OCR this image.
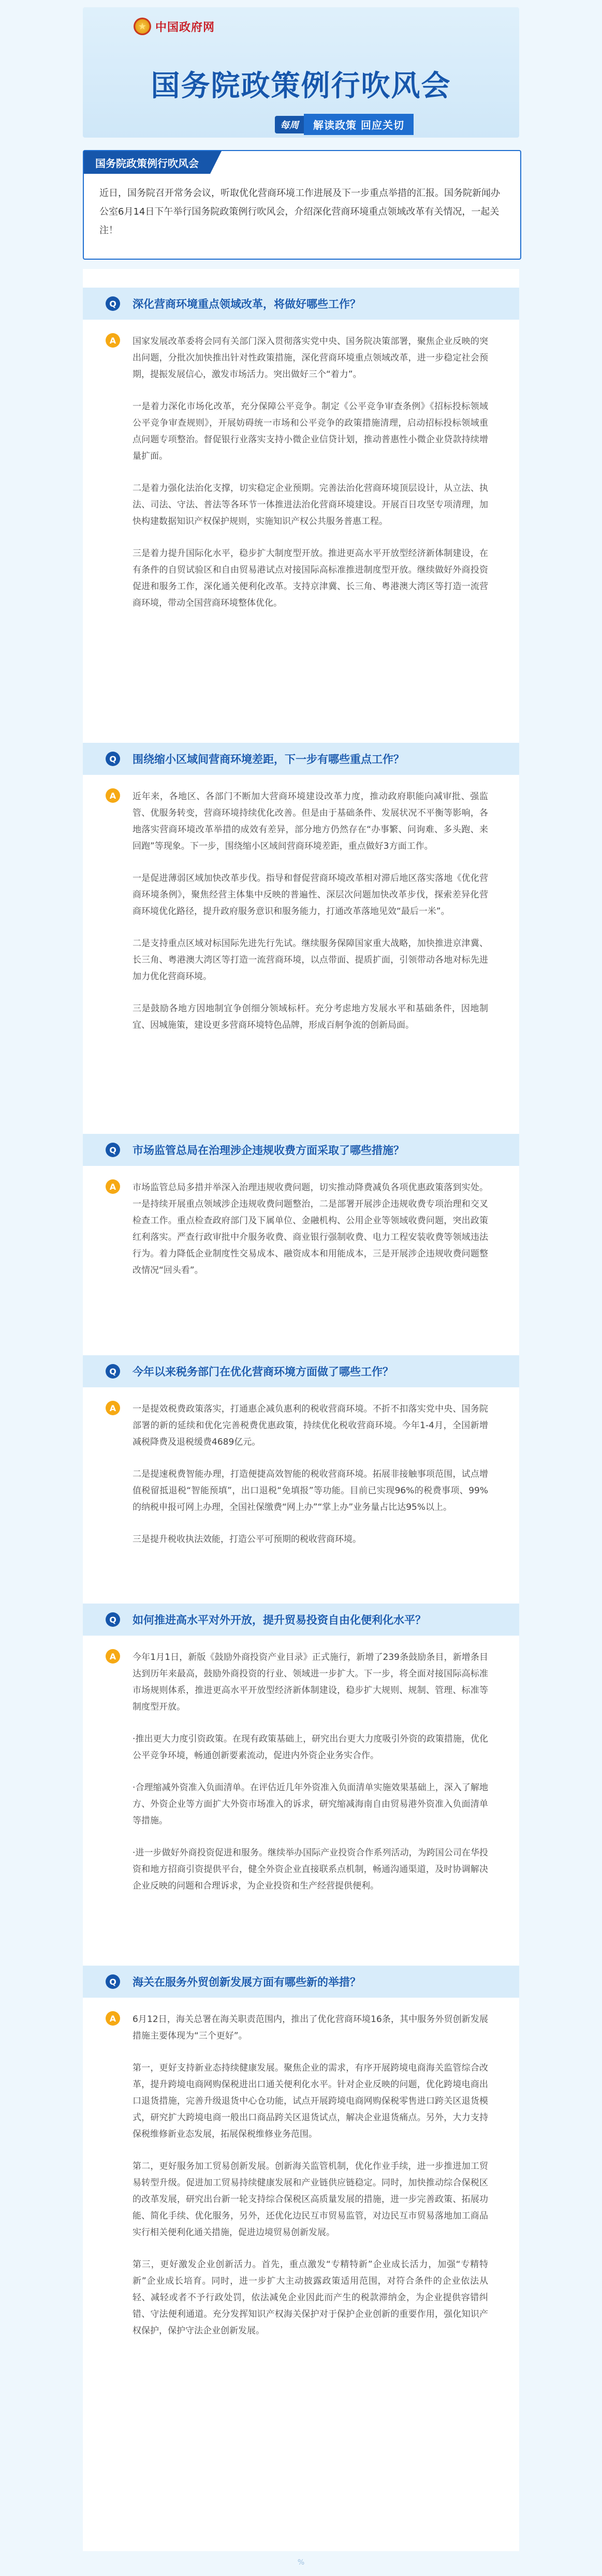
★ 中国政府网
国务院政策例行吹风会
每周	解读政策 回应关切
国务院政策例行吹风会
近日，国务院召开常务会议，听取优化营商环境工作进展及下一步重点举措的汇报。国务院新闻办公室6月14日下午举行国务院政策例行吹风会，介绍深化营商环境重点领域改革有关情况，一起关注！
Q	深化营商环境重点领域改革，将做好哪些工作？
A	国家发展改革委将会同有关部门深入贯彻落实党中央、国务院决策部署，聚焦企业反映的突出问题，分批次加快推出针对性政策措施，深化营商环境重点领域改革，进一步稳定社会预期，提振发展信心，激发市场活力。突出做好三个“着力”。

一是着力深化市场化改革，充分保障公平竞争。制定《公平竞争审查条例》《招标投标领域公平竞争审查规则》，开展妨碍统一市场和公平竞争的政策措施清理，启动招标投标领域重点问题专项整治。督促银行业落实支持小微企业信贷计划，推动普惠性小微企业贷款持续增量扩面。

二是着力强化法治化支撑，切实稳定企业预期。完善法治化营商环境顶层设计，从立法、执法、司法、守法、普法等各环节一体推进法治化营商环境建设。开展百日攻坚专项清理，加快构建数据知识产权保护规则，实施知识产权公共服务普惠工程。

三是着力提升国际化水平，稳步扩大制度型开放。推进更高水平开放型经济新体制建设，在有条件的自贸试验区和自由贸易港试点对接国际高标准推进制度型开放。继续做好外商投资促进和服务工作，深化通关便利化改革。支持京津冀、长三角、粤港澳大湾区等打造一流营商环境，带动全国营商环境整体优化。

Q	围绕缩小区域间营商环境差距，下一步有哪些重点工作？
A	近年来，各地区、各部门不断加大营商环境建设改革力度，推动政府职能向减审批、强监管、优服务转变，营商环境持续优化改善。但是由于基础条件、发展状况不平衡等影响，各地落实营商环境改革举措的成效有差异，部分地方仍然存在“办事繁、问询难、多头跑、来回跑”等现象。下一步，围绕缩小区域间营商环境差距，重点做好3方面工作。

一是促进薄弱区域加快改革步伐。指导和督促营商环境改革相对滞后地区落实落地《优化营商环境条例》，聚焦经营主体集中反映的普遍性、深层次问题加快改革步伐，探索差异化营商环境优化路径，提升政府服务意识和服务能力，打通改革落地见效“最后一米”。

二是支持重点区域对标国际先进先行先试。继续服务保障国家重大战略，加快推进京津冀、长三角、粤港澳大湾区等打造一流营商环境，以点带面、提质扩面，引领带动各地对标先进加力优化营商环境。

三是鼓励各地方因地制宜争创细分领域标杆。充分考虑地方发展水平和基础条件，因地制宜、因城施策，建设更多营商环境特色品牌，形成百舸争流的创新局面。

Q	市场监管总局在治理涉企违规收费方面采取了哪些措施？
A	市场监管总局多措并举深入治理违规收费问题，切实推动降费减负各项优惠政策落到实处。一是持续开展重点领域涉企违规收费问题整治，二是部署开展涉企违规收费专项治理和交叉检查工作。重点检查政府部门及下属单位、金融机构、公用企业等领域收费问题，突出政策红利落实。严查行政审批中介服务收费、商业银行强制收费、电力工程安装收费等领域违法行为。着力降低企业制度性交易成本、融资成本和用能成本，三是开展涉企违规收费问题整改情况“回头看”。

Q	今年以来税务部门在优化营商环境方面做了哪些工作？
A	一是提效税费政策落实，打通惠企减负惠利的税收营商环境。不折不扣落实党中央、国务院部署的新的延续和优化完善税费优惠政策，持续优化税收营商环境。今年1-4月，全国新增减税降费及退税缓费4689亿元。

二是提速税费智能办理，打造便捷高效智能的税收营商环境。拓展非接触事项范围，试点增值税留抵退税“智能预填”，出口退税“免填报”等功能。目前已实现96%的税费事项、99%的纳税申报可网上办理，全国社保缴费“网上办”“掌上办”业务量占比达95%以上。

三是提升税收执法效能，打造公平可预期的税收营商环境。

Q	如何推进高水平对外开放，提升贸易投资自由化便利化水平？
A	今年1月1日，新版《鼓励外商投资产业目录》正式施行，新增了239条鼓励条目，新增条目达到历年来最高，鼓励外商投资的行业、领域进一步扩大。下一步，将全面对接国际高标准市场规则体系，推进更高水平开放型经济新体制建设，稳步扩大规则、规制、管理、标准等制度型开放。

·推出更大力度引资政策。在现有政策基础上，研究出台更大力度吸引外资的政策措施，优化公平竞争环境，畅通创新要素流动，促进内外资企业务实合作。

·合理缩减外资准入负面清单。在评估近几年外资准入负面清单实施效果基础上，深入了解地方、外资企业等方面扩大外资市场准入的诉求，研究缩减海南自由贸易港外资准入负面清单等措施。

·进一步做好外商投资促进和服务。继续举办国际产业投资合作系列活动，为跨国公司在华投资和地方招商引资提供平台，健全外资企业直接联系点机制，畅通沟通渠道，及时协调解决企业反映的问题和合理诉求，为企业投资和生产经营提供便利。

Q	海关在服务外贸创新发展方面有哪些新的举措？
A	6月12日，海关总署在海关职责范围内，推出了优化营商环境16条，其中服务外贸创新发展措施主要体现为“三个更好”。

第一，更好支持新业态持续健康发展。聚焦企业的需求，有序开展跨境电商海关监管综合改革，提升跨境电商网购保税进出口通关便利化水平。针对企业反映的问题，优化跨境电商出口退货措施，完善升级退货中心仓功能，试点开展跨境电商网购保税零售进口跨关区退货模式，研究扩大跨境电商一般出口商品跨关区退货试点，解决企业退货痛点。另外，大力支持保税维修新业态发展，拓展保税维修业务范围。

第二，更好服务加工贸易创新发展。创新海关监管机制，优化作业手续，进一步推进加工贸易转型升级。促进加工贸易持续健康发展和产业链供应链稳定。同时，加快推动综合保税区的改革发展，研究出台新一轮支持综合保税区高质量发展的措施，进一步完善政策、拓展功能、简化手续、优化服务，另外，还优化边民互市贸易监管，对边民互市贸易落地加工商品实行相关便利化通关措施，促进边境贸易创新发展。

第三，更好激发企业创新活力。首先，重点激发“专精特新”企业成长活力，加强“专精特新”企业成长培育。同时，进一步扩大主动披露政策适用范围，对符合条件的企业依法从轻、减轻或者不予行政处罚，依法减免企业因此而产生的税款滞纳金，为企业提供容错纠错、守法便利通道。充分发挥知识产权海关保护对于保护企业创新的重要作用，强化知识产权保护，保护守法企业创新发展。

%
